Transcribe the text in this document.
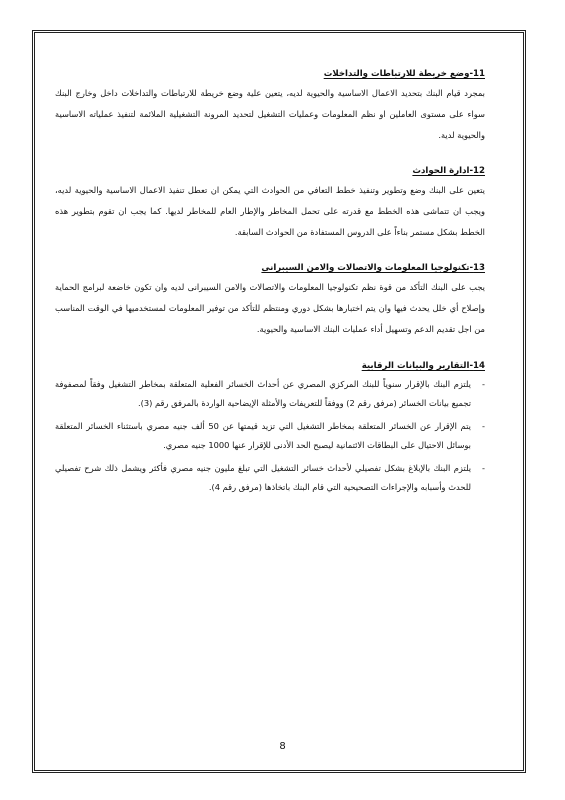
11-وضع خريطة للارتباطات والتداخلات

بمجرد قيام البنك بتحديد الاعمال الاساسية والحيوية لديه، يتعين علية وضع خريطة للارتباطات والتداخلات داخل وخارج البنك سواء على مستوى العاملين او نظم المعلومات وعمليات التشغيل لتحديد المرونة التشغيلية الملائمة لتنفيذ عملياته الاساسية والحيوية لدية.

12-ادارة الحوادث

يتعين على البنك وضع وتطوير وتنفيذ خطط التعافي من الحوادث التي يمكن ان تعطل تنفيذ الاعمال الاساسية والحيوية لديه، ويجب ان تتماشى هذه الخطط مع قدرته على تحمل المخاطر والإطار العام للمخاطر لديها. كما يجب ان تقوم بتطوير هذه الخطط بشكل مستمر بناءاً على الدروس المستفادة من الحوادث السابقة.

13-تكنولوجيا المعلومات والاتصالات والامن السيبرانى

يجب على البنك التأكد من قوة نظم تكنولوجيا المعلومات والاتصالات والامن السيبرانى لديه وان تكون خاضعة لبرامج الحماية وإصلاح أي خلل يحدث فيها وان يتم اختبارها بشكل دوري ومنتظم للتأكد من توفير المعلومات لمستخدميها في الوقت المناسب من اجل تقديم الدعم وتسهيل أداء عمليات البنك الاساسية والحيوية.

14-التقارير والبيانات الرقابية

-
يلتزم البنك بالإقرار سنوياً للبنك المركزي المصري عن أحداث الخسائر الفعلية المتعلقة بمخاطر التشغيل وفقاً لمصفوفة تجميع بيانات الخسائر (مرفق رقم 2) ووفقاً للتعريفات والأمثلة الإيضاحية الواردة بالمرفق رقم (3).
-
يتم الإقرار عن الخسائر المتعلقة بمخاطر التشغيل التي تزيد قيمتها عن 50 ألف جنيه مصري باستثناء الخسائر المتعلقة بوسائل الاحتيال على البطاقات الائتمانية ليصبح الحد الأدنى للإقرار عنها 1000 جنيه مصري.
-
يلتزم البنك بالإبلاغ بشكل تفصيلي لأحداث خسائر التشغيل التي تبلغ مليون جنيه مصري فأكثر ويشمل ذلك شرح تفصيلي للحدث وأسبابه والإجراءات التصحيحية التي قام البنك باتخاذها (مرفق رقم 4).
8
